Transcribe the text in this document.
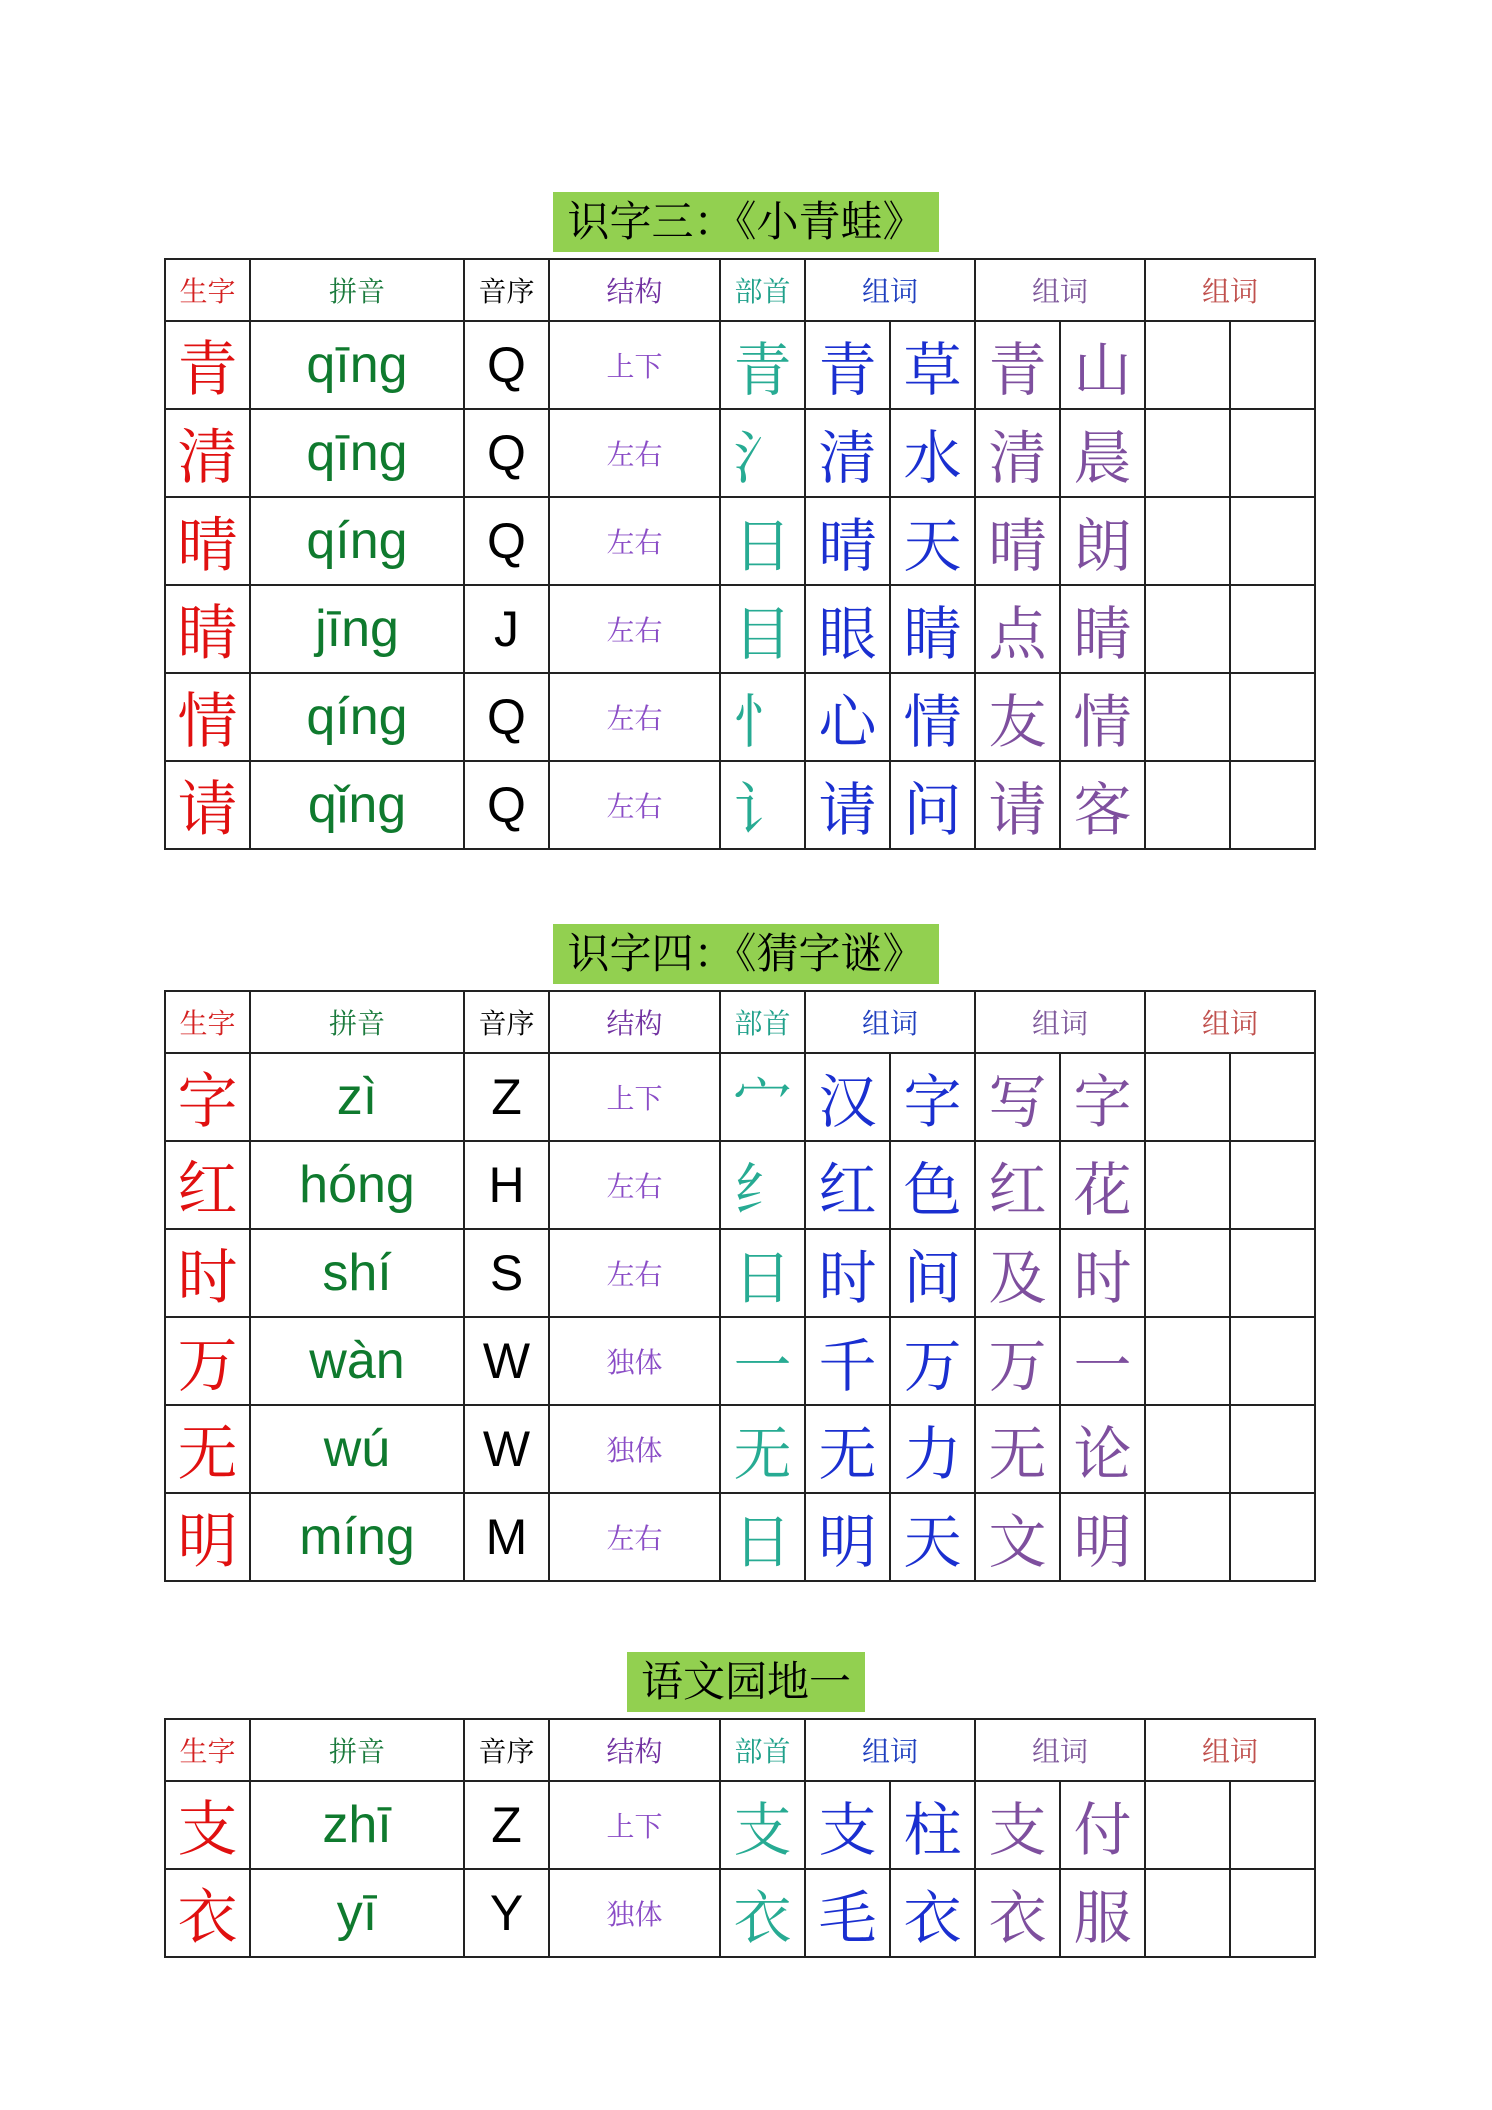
识字三：《小青蛙》
生字	拼音	音序	结构	部首	组词		组词		组词	
青	qīng	Q	上下	青	青	草	青	山		
清	qīng	Q	左右	氵	清	水	清	晨		
晴	qíng	Q	左右	日	晴	天	晴	朗		
睛	jīng	J	左右	目	眼	睛	点	睛		
情	qíng	Q	左右	忄	心	情	友	情		
请	qǐng	Q	左右	讠	请	问	请	客		
识字四：《猜字谜》
生字	拼音	音序	结构	部首	组词		组词		组词	
字	zì	Z	上下	宀	汉	字	写	字		
红	hóng	H	左右	纟	红	色	红	花		
时	shí	S	左右	日	时	间	及	时		
万	wàn	W	独体	一	千	万	万	一		
无	wú	W	独体	无	无	力	无	论		
明	míng	M	左右	日	明	天	文	明		
语文园地一
生字	拼音	音序	结构	部首	组词		组词		组词	
支	zhī	Z	上下	支	支	柱	支	付		
衣	yī	Y	独体	衣	毛	衣	衣	服		
